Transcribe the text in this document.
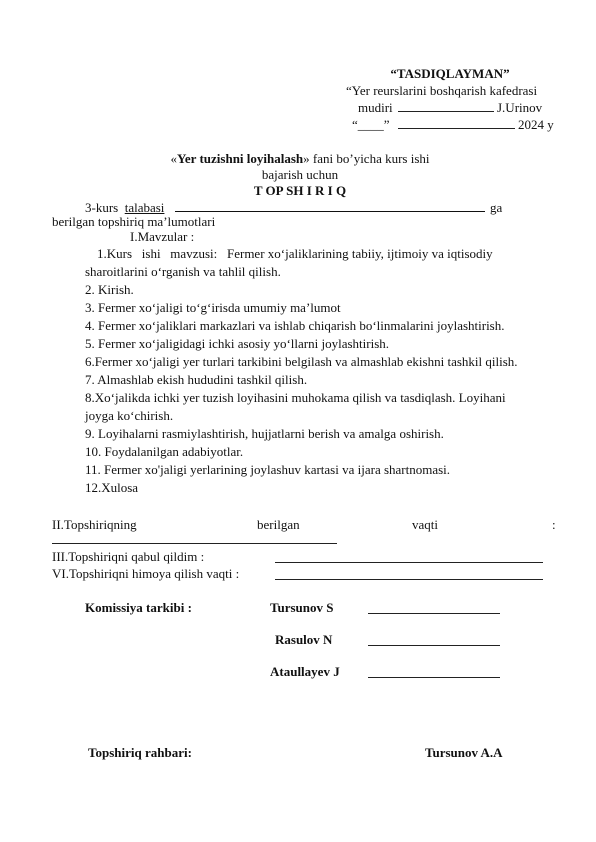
“TASDIQLAYMAN”
“Yer reurslarini boshqarish kafedrasi
mudiri	J.Urinov
“____”	2024 y
«Yer tuzishni loyihalash» fani bo’yicha kurs ishi
bajarish uchun
T OP SH I R I Q
3-kurs  talabasi	ga
berilgan topshiriq ma’lumotlari
I.Mavzular :
1.Kurs   ishi   mavzusi:   Fermer xo‘jaliklarining tabiiy, ijtimoiy va iqtisodiy
sharoitlarini o‘rganish va tahlil qilish.
2. Kirish.
3. Fermer xo‘jaligi to‘g‘irisda umumiy ma’lumot
4. Fermer xo‘jaliklari markazlari va ishlab chiqarish bo‘linmalarini joylashtirish.
5. Fermer xo‘jaligidagi ichki asosiy yo‘llarni joylashtirish.
6.Fermer xo‘jaligi yer turlari tarkibini belgilash va almashlab ekishni tashkil qilish.
7. Almashlab ekish hududini tashkil qilish.
8.Xo‘jalikda ichki yer tuzish loyihasini muhokama qilish va tasdiqlash. Loyihani
joyga ko‘chirish.
9. Loyihalarni rasmiylashtirish, hujjatlarni berish va amalga oshirish.
10. Foydalanilgan adabiyotlar.
11. Fermer xo'jaligi yerlarining joylashuv kartasi va ijara shartnomasi.
12.Xulosa
II.Topshiriqning	berilgan	vaqti	:
III.Topshiriqni qabul qildim :
VI.Topshiriqni himoya qilish vaqti :
Komissiya tarkibi :	Tursunov S
Rasulov N
Ataullayev J
Topshiriq rahbari:	Tursunov A.A
